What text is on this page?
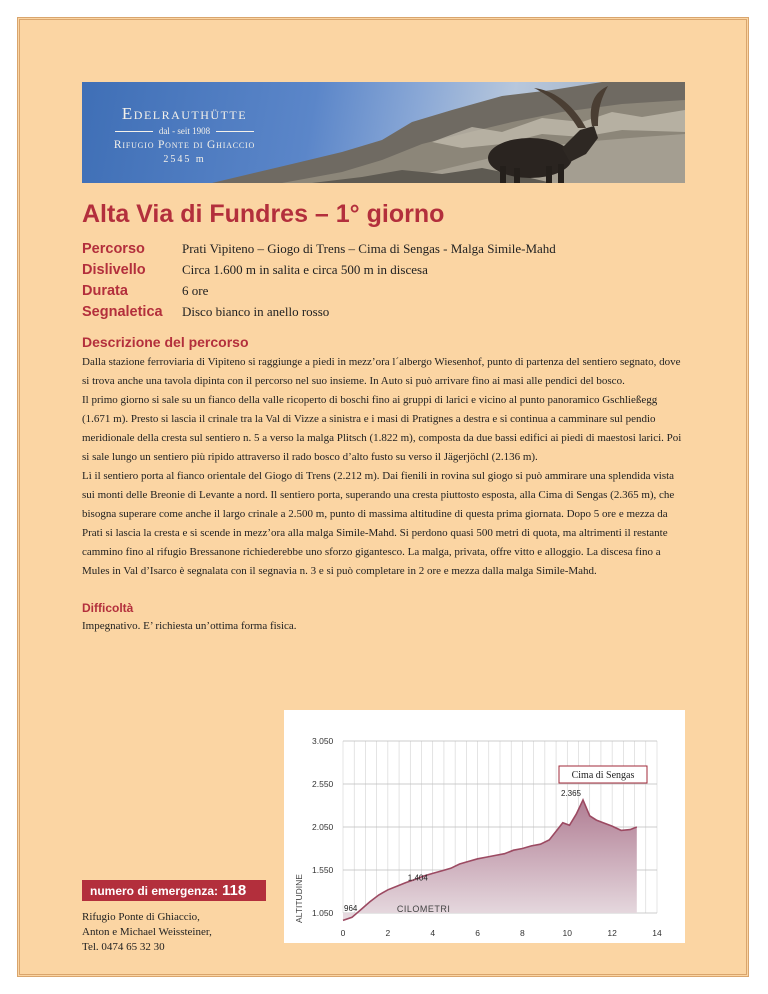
Edelrauthütte
dal - seit 1908
Rifugio Ponte di Ghiaccio
2545 m
Alta Via di Fundres – 1° giorno
Percorso	Prati Vipiteno – Giogo di Trens – Cima di Sengas - Malga Simile-Mahd
Dislivello	Circa 1.600 m in salita e circa 500 m in discesa
Durata	6 ore
Segnaletica	Disco bianco in anello rosso
Descrizione del percorso

Dalla stazione ferroviaria di Vipiteno si raggiunge a piedi in mezz’ora l´albergo Wiesenhof, punto di partenza del sentiero segnato, dove si trova anche una tavola dipinta con il percorso nel suo insieme. In Auto si può arrivare fino ai masi alle pendici del bosco.

Il primo giorno si sale su un fianco della valle ricoperto di boschi fino ai gruppi di larici e vicino al punto panoramico Gschließegg (1.671 m). Presto si lascia il crinale tra la Val di Vizze a sinistra e i masi di Pratignes a destra e si continua a camminare sul pendio meridionale della cresta sul sentiero n. 5 a verso la malga Plitsch (1.822 m), composta da due bassi edifici ai piedi di maestosi larici. Poi si sale lungo un sentiero più ripido attraverso il rado bosco d’alto fusto su verso il Jägerjöchl (2.136 m).

Lì il sentiero porta al fianco orientale del Giogo di Trens (2.212 m). Dai fienili in rovina sul giogo si può ammirare una splendida vista sui monti delle Breonie di Levante a nord. Il sentiero porta, superando una cresta piuttosto esposta, alla Cima di Sengas (2.365 m), che bisogna superare come anche il largo crinale a 2.500 m, punto di massima altitudine di questa prima giornata. Dopo 5 ore e mezza da Prati si lascia la cresta e si scende in mezz’ora alla malga Simile-Mahd. Si perdono quasi 500 metri di quota, ma altrimenti il restante cammino fino al rifugio Bressanone richiederebbe uno sforzo gigantesco. La malga, privata, offre vitto e alloggio. La discesa fino a Mules in Val d’Isarco è segnalata con il segnavia n. 3 e si può completare in 2 ore e mezza dalla malga Simile-Mahd.

Difficoltà
Impegnativo. E’ richiesta un’ottima forma fisica.
1.050
1.550
2.050
2.550
3.050
0	2	4	6	8	10	12	14
CILOMETRI
ALTITUDINE
2.365
1.404
964
Cima di Sengas
numero di emergenza: 118
Rifugio Ponte di Ghiaccio,
Anton e Michael Weissteiner,
Tel. 0474 65 32 30
